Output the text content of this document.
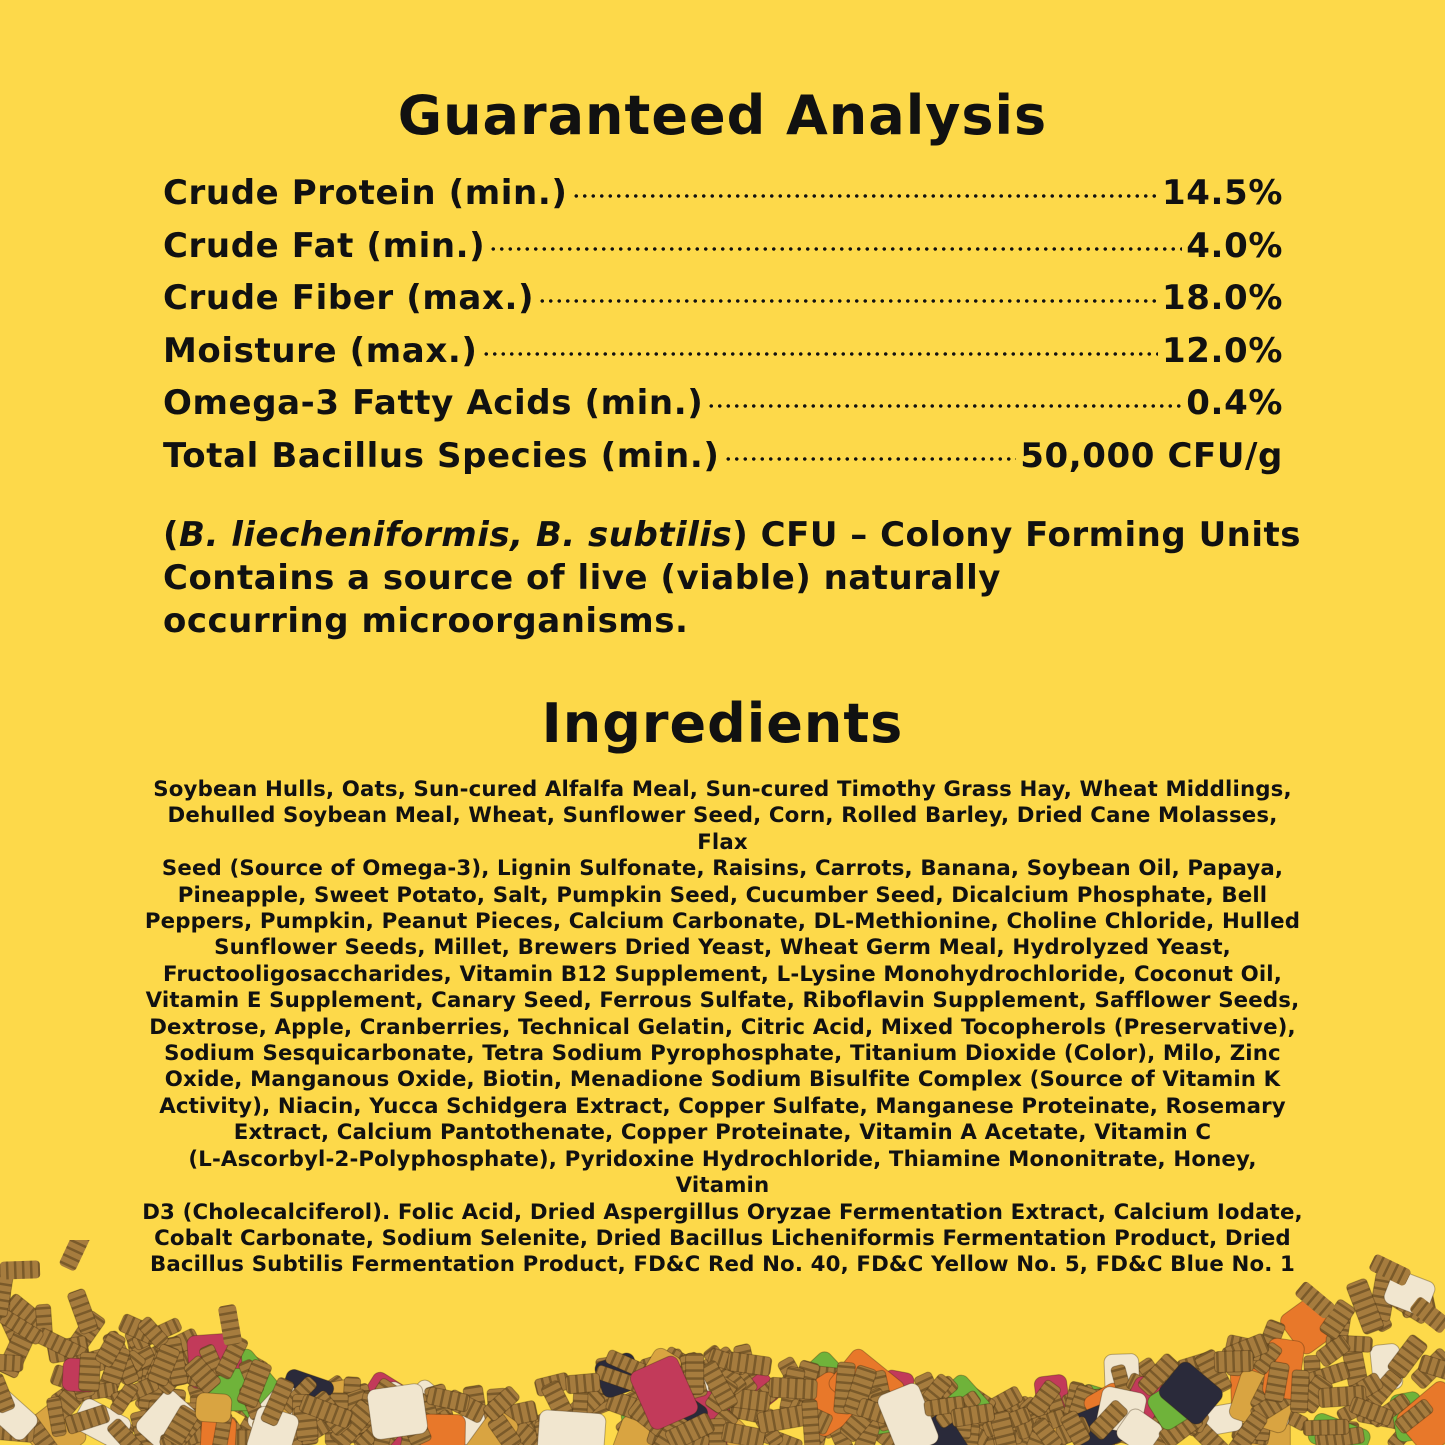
Guaranteed Analysis
Crude Protein (min.)	14.5%
Crude Fat (min.)	4.0%
Crude Fiber (max.)	18.0%
Moisture (max.)	12.0%
Omega-3 Fatty Acids (min.)	0.4%
Total Bacillus Species (min.)	50,000 CFU/g
(B. liecheniformis, B. subtilis) CFU – Colony Forming Units
Contains a source of live (viable) naturally
occurring microorganisms.
Ingredients
Soybean Hulls, Oats, Sun-cured Alfalfa Meal, Sun-cured Timothy Grass Hay, Wheat Middlings,
Dehulled Soybean Meal, Wheat, Sunflower Seed, Corn, Rolled Barley, Dried Cane Molasses, Flax
Seed (Source of Omega-3), Lignin Sulfonate, Raisins, Carrots, Banana, Soybean Oil, Papaya,
Pineapple, Sweet Potato, Salt, Pumpkin Seed, Cucumber Seed, Dicalcium Phosphate, Bell
Peppers, Pumpkin, Peanut Pieces, Calcium Carbonate, DL-Methionine, Choline Chloride, Hulled
Sunflower Seeds, Millet, Brewers Dried Yeast, Wheat Germ Meal, Hydrolyzed Yeast,
Fructooligosaccharides, Vitamin B12 Supplement, L-Lysine Monohydrochloride, Coconut Oil,
Vitamin E Supplement, Canary Seed, Ferrous Sulfate, Riboflavin Supplement, Safflower Seeds,
Dextrose, Apple, Cranberries, Technical Gelatin, Citric Acid, Mixed Tocopherols (Preservative),
Sodium Sesquicarbonate, Tetra Sodium Pyrophosphate, Titanium Dioxide (Color), Milo, Zinc
Oxide, Manganous Oxide, Biotin, Menadione Sodium Bisulfite Complex (Source of Vitamin K
Activity), Niacin, Yucca Schidgera Extract, Copper Sulfate, Manganese Proteinate, Rosemary
Extract, Calcium Pantothenate, Copper Proteinate, Vitamin A Acetate, Vitamin C
(L-Ascorbyl-2-Polyphosphate), Pyridoxine Hydrochloride, Thiamine Mononitrate, Honey, Vitamin
D3 (Cholecalciferol). Folic Acid, Dried Aspergillus Oryzae Fermentation Extract, Calcium Iodate,
Cobalt Carbonate, Sodium Selenite, Dried Bacillus Licheniformis Fermentation Product, Dried
Bacillus Subtilis Fermentation Product, FD&C Red No. 40, FD&C Yellow No. 5, FD&C Blue No. 1
